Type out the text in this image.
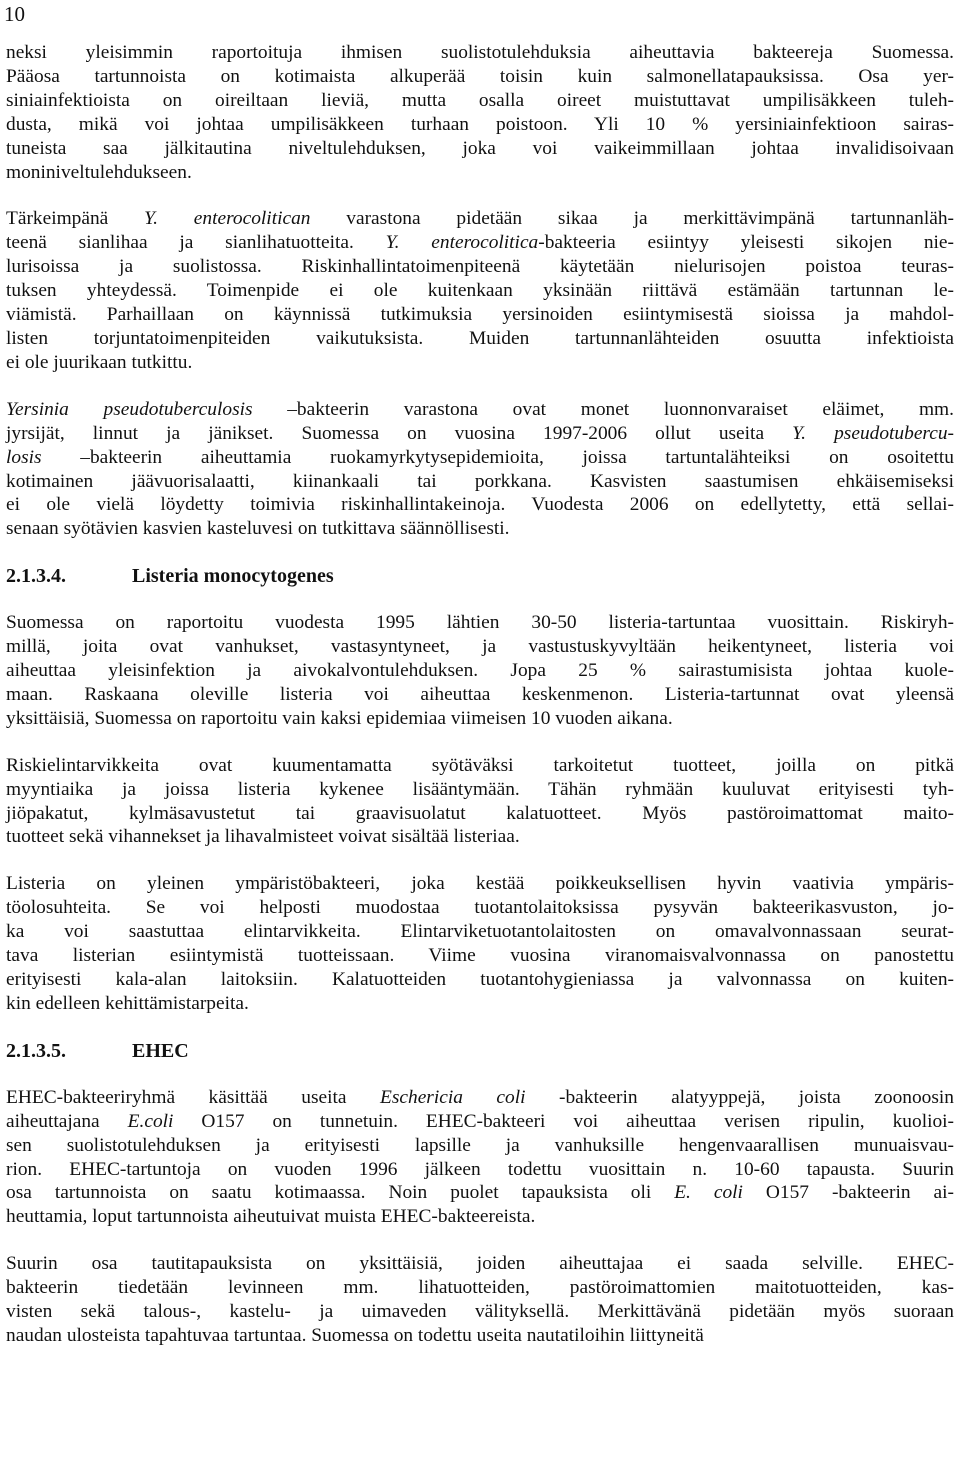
10

neksi yleisimmin raportoituja ihmisen suolistotulehduksia aiheuttavia bakteereja Suomessa.
Pääosa tartunnoista on kotimaista alkuperää toisin kuin salmonellatapauksissa. Osa yer-
siniainfektioista on oireiltaan lieviä, mutta osalla oireet muistuttavat umpilisäkkeen tuleh-
dusta, mikä voi johtaa umpilisäkkeen turhaan poistoon. Yli 10 % yersiniainfektioon sairas-
tuneista saa jälkitautina niveltulehduksen, joka voi vaikeimmillaan johtaa invalidisoivaan
moniniveltulehdukseen.

Tärkeimpänä Y. enterocolitican varastona pidetään sikaa ja merkittävimpänä tartunnanläh-
teenä sianlihaa ja sianlihatuotteita. Y. enterocolitica-bakteeria esiintyy yleisesti sikojen nie-
lurisoissa ja suolistossa. Riskinhallintatoimenpiteenä käytetään nielurisojen poistoa teuras-
tuksen yhteydessä. Toimenpide ei ole kuitenkaan yksinään riittävä estämään tartunnan le-
viämistä. Parhaillaan on käynnissä tutkimuksia yersinoiden esiintymisestä sioissa ja mahdol-
listen torjuntatoimenpiteiden vaikutuksista. Muiden tartunnanlähteiden osuutta infektioista
ei ole juurikaan tutkittu.

Yersinia pseudotuberculosis –bakteerin varastona ovat monet luonnonvaraiset eläimet, mm.
jyrsijät, linnut ja jänikset. Suomessa on vuosina 1997-2006 ollut useita Y. pseudotubercu-
losis –bakteerin aiheuttamia ruokamyrkytysepidemioita, joissa tartuntalähteiksi on osoitettu
kotimainen jäävuorisalaatti, kiinankaali tai porkkana. Kasvisten saastumisen ehkäisemiseksi
ei ole vielä löydetty toimivia riskinhallintakeinoja. Vuodesta 2006 on edellytetty, että sellai-
senaan syötävien kasvien kasteluvesi on tutkittava säännöllisesti.

2.1.3.4.	Listeria monocytogenes

Suomessa on raportoitu vuodesta 1995 lähtien 30-50 listeria-tartuntaa vuosittain. Riskiryh-
millä, joita ovat vanhukset, vastasyntyneet, ja vastustuskyvyltään heikentyneet, listeria voi
aiheuttaa yleisinfektion ja aivokalvontulehduksen. Jopa 25 % sairastumisista johtaa kuole-
maan. Raskaana oleville listeria voi aiheuttaa keskenmenon. Listeria-tartunnat ovat yleensä
yksittäisiä, Suomessa on raportoitu vain kaksi epidemiaa viimeisen 10 vuoden aikana.

Riskielintarvikkeita ovat kuumentamatta syötäväksi tarkoitetut tuotteet, joilla on pitkä
myyntiaika ja joissa listeria kykenee lisääntymään. Tähän ryhmään kuuluvat erityisesti tyh-
jiöpakatut, kylmäsavustetut tai graavisuolatut kalatuotteet. Myös pastöroimattomat maito-
tuotteet sekä vihannekset ja lihavalmisteet voivat sisältää listeriaa.

Listeria on yleinen ympäristöbakteeri, joka kestää poikkeuksellisen hyvin vaativia ympäris-
töolosuhteita. Se voi helposti muodostaa tuotantolaitoksissa pysyvän bakteerikasvuston, jo-
ka voi saastuttaa elintarvikkeita. Elintarviketuotantolaitosten on omavalvonnassaan seurat-
tava listerian esiintymistä tuotteissaan. Viime vuosina viranomaisvalvonnassa on panostettu
erityisesti kala-alan laitoksiin. Kalatuotteiden tuotantohygieniassa ja valvonnassa on kuiten-
kin edelleen kehittämistarpeita.

2.1.3.5.	EHEC

EHEC-bakteeriryhmä käsittää useita Eschericia coli -bakteerin alatyyppejä, joista zoonoosin
aiheuttajana E.coli O157 on tunnetuin. EHEC-bakteeri voi aiheuttaa verisen ripulin, kuolioi-
sen suolistotulehduksen ja erityisesti lapsille ja vanhuksille hengenvaarallisen munuaisvau-
rion. EHEC-tartuntoja on vuoden 1996 jälkeen todettu vuosittain n. 10-60 tapausta. Suurin
osa tartunnoista on saatu kotimaassa. Noin puolet tapauksista oli E. coli O157 -bakteerin ai-
heuttamia, loput tartunnoista aiheutuivat muista EHEC-bakteereista.

Suurin osa tautitapauksista on yksittäisiä, joiden aiheuttajaa ei saada selville. EHEC-
bakteerin tiedetään levinneen mm. lihatuotteiden, pastöroimattomien maitotuotteiden, kas-
visten sekä talous-, kastelu- ja uimaveden välityksellä. Merkittävänä pidetään myös suoraan
naudan ulosteista tapahtuvaa tartuntaa. Suomessa on todettu useita nautatiloihin liittyneitä
